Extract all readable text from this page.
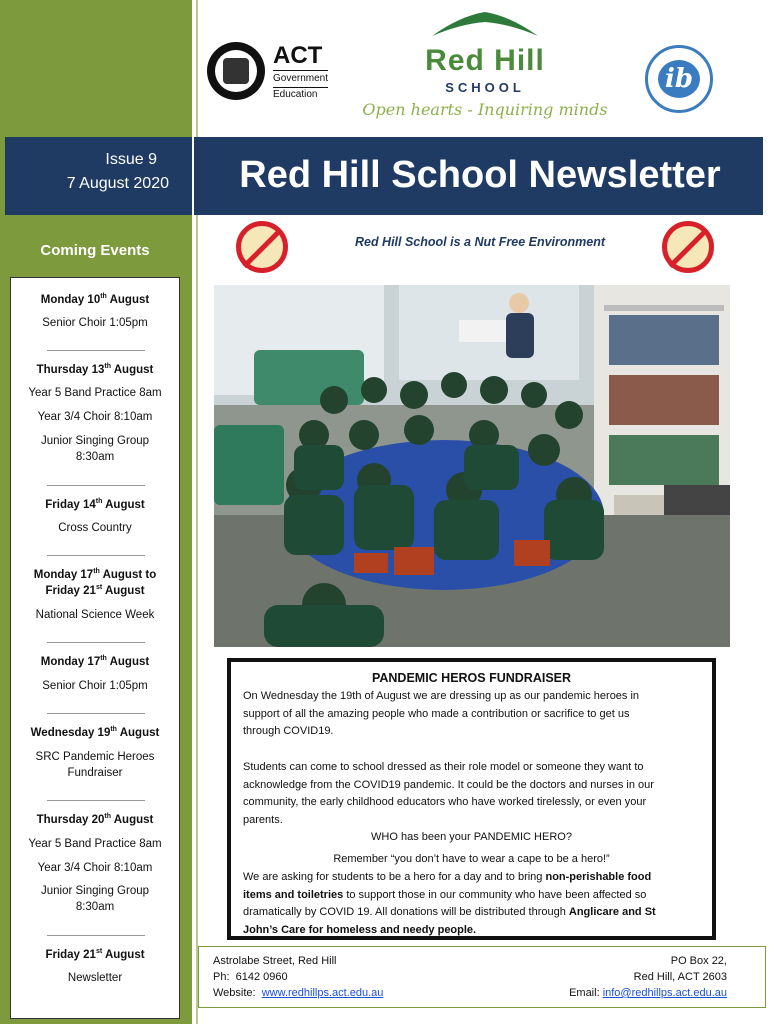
ACT
Government
Education
Red Hill
SCHOOL
Open hearts - Inquiring minds
ib
Issue 9
7 August 2020	Red Hill School Newsletter
Red Hill School is a Nut Free Environment
Coming Events
Monday 10th August
Senior Choir 1:05pm
Thursday 13th August
Year 5 Band Practice 8am
Year 3/4 Choir 8:10am
Junior Singing Group
8:30am
Friday 14th August
Cross Country
Monday 17th August to
Friday 21st August
National Science Week
Monday 17th August
Senior Choir 1:05pm
Wednesday 19th August
SRC Pandemic Heroes
Fundraiser
Thursday 20th August
Year 5 Band Practice 8am
Year 3/4 Choir 8:10am
Junior Singing Group
8:30am
Friday 21st August
Newsletter
PANDEMIC HEROS FUNDRAISER
On Wednesday the 19th of August we are dressing up as our pandemic heroes in
support of all the amazing people who made a contribution or sacrifice to get us
through COVID19.
Students can come to school dressed as their role model or someone they want to
acknowledge from the COVID19 pandemic. It could be the doctors and nurses in our
community, the early childhood educators who have worked tirelessly, or even your
parents.
WHO has been your PANDEMIC HERO?
Remember “you don’t have to wear a cape to be a hero!”
We are asking for students to be a hero for a day and to bring non-perishable food
items and toiletries to support those in our community who have been affected so
dramatically by COVID 19. All donations will be distributed through Anglicare and St
John’s Care for homeless and needy people.
Astrolabe Street, Red Hill
Ph: 6142 0960
Website: www.redhillps.act.edu.au
PO Box 22,
Red Hill, ACT 2603
Email: info@redhillps.act.edu.au
